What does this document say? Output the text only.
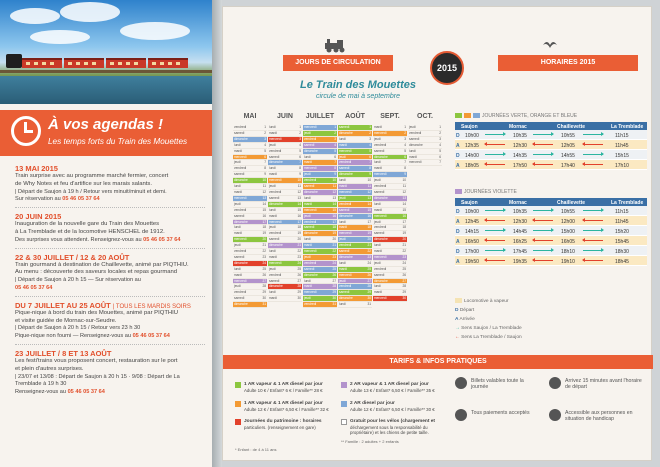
À vos agendas !
Les temps forts du Train des Mouettes
13 MAI 2015
Train surprise avec au programme marché fermier, concert
de Why Notes et feu d'artifice sur les marais salants.
| Départ de Saujon à 19 h / Retour vers minuit/minuit et demi.
Sur réservation au 05 46 05 37 64
20 JUIN 2015
Inauguration de la nouvelle gare du Train des Mouettes
à La Tremblade et de la locomotive HENSCHEL de 1912.
Des surprises vous attendent. Renseignez-vous au 05 46 05 37 64
22 & 30 JUILLET / 12 & 20 AOÛT
Train gourmand à destination de Chaillevette, animé par PIQTHIU.
Au menu : découverte des saveurs locales et repas gourmand
| Départ de Saujon à 20 h 15 — Sur réservation au
05 46 05 37 64
DU 7 JUILLET AU 25 AOÛT | TOUS LES MARDIS SOIRS
Pique-nique à bord du train des Mouettes, animé par PIQTHIU
et visite guidée de Mornac-sur-Seudre.
| Départ de Saujon à 20 h 15 / Retour vers 23 h 30
Pique-nique non fourni — Renseignez-vous au 05 46 05 37 64
23 JUILLET / 8 ET 13 AOÛT
Les festi'trains vous proposent concert, restauration sur le port
et plein d'autres surprises.
| 23/07 et 13/08 : Départ de Saujon à 20 h 15 · 9/08 : Départ de La Tremblade à 19 h 30
Renseignez-vous au 05 46 05 37 64
JOURS DE CIRCULATION
2015
HORAIRES 2015
Le Train des Mouettes
circule de mai à septembre
MAI
vendredi	1
samedi	2
dimanche	3
lundi	4
mardi	5
mercredi	6
jeudi	7
vendredi	8
samedi	9
dimanche	10
lundi	11
mardi	12
mercredi	13
jeudi	14
vendredi	15
samedi	16
dimanche	17
lundi	18
mardi	19
mercredi	20
jeudi	21
vendredi	22
samedi	23
dimanche	24
lundi	25
mardi	26
mercredi	27
jeudi	28
vendredi	29
samedi	30
dimanche	31
JUIN
lundi	1
mardi	2
mercredi	3
jeudi	4
vendredi	5
samedi	6
dimanche	7
lundi	8
mardi	9
mercredi	10
jeudi	11
vendredi	12
samedi	13
dimanche	14
lundi	15
mardi	16
mercredi	17
jeudi	18
vendredi	19
samedi	20
dimanche	21
lundi	22
mardi	23
mercredi	24
jeudi	25
vendredi	26
samedi	27
dimanche	28
lundi	29
mardi	30
JUILLET
mercredi	1
jeudi	2
vendredi	3
samedi	4
dimanche	5
lundi	6
mardi	7
mercredi	8
jeudi	9
vendredi	10
samedi	11
dimanche	12
lundi	13
mardi	14
mercredi	15
jeudi	16
vendredi	17
samedi	18
dimanche	19
lundi	20
mardi	21
mercredi	22
jeudi	23
vendredi	24
samedi	25
dimanche	26
lundi	27
mardi	28
mercredi	29
jeudi	30
vendredi	31
AOÛT
samedi	1
dimanche	2
lundi	3
mardi	4
mercredi	5
jeudi	6
vendredi	7
samedi	8
dimanche	9
lundi	10
mardi	11
mercredi	12
jeudi	13
vendredi	14
samedi	15
dimanche	16
lundi	17
mardi	18
mercredi	19
jeudi	20
vendredi	21
samedi	22
dimanche	23
lundi	24
mardi	25
mercredi	26
jeudi	27
vendredi	28
samedi	29
dimanche	30
lundi	31
SEPT.
mardi	1
mercredi	2
jeudi	3
vendredi	4
samedi	5
dimanche	6
lundi	7
mardi	8
mercredi	9
jeudi	10
vendredi	11
samedi	12
dimanche	13
lundi	14
mardi	15
mercredi	16
jeudi	17
vendredi	18
samedi	19
dimanche	20
lundi	21
mardi	22
mercredi	23
jeudi	24
vendredi	25
samedi	26
dimanche	27
lundi	28
mardi	29
mercredi	30
OCT.
jeudi	1
vendredi	2
samedi	3
dimanche	4
lundi	5
mardi	6
mercredi	7
JOURNÉES VERTE, ORANGE ET BLEUE
Saujon	Mornac	Chaillevette	La Tremblade
D 10h00	10h35	10h55	11h15
A 12h35	12h30	12h05	11h45
D 14h00	14h35	14h55	15h15
A 18h05	17h50	17h40	17h10
JOURNÉES VIOLETTE
Saujon	Mornac	Chaillevette	La Tremblade
D 10h00	10h35	10h55	11h15
A 12h45	12h30	12h00	11h45
D 14h15	14h45	15h00	15h20
A 16h50	16h25	16h05	15h45
D 17h00	17h45	18h10	18h30
A 19h50	19h35	19h10	18h45
Locomotive à vapeur
D Départ
A Arrivée
→ Sens Saujon / La Tremblade
← Sens La Tremblade / Saujon
TARIFS & INFOS PRATIQUES
1 AR vapeur & 1 AR diesel par jour
Adulte 10 € / Enfant* 6 € / Famille** 28 €
1 AR vapeur & 1 AR diesel par jour
Adulte 12 € / Enfant* 6,50 € / Famille** 32 €
Journées du patrimoine : horaires
particuliers. (renseignement en gare)
2 AR vapeur & 1 AR diesel par jour
Adulte 13 € / Enfant* 6,50 € / Famille** 35 €
2 AR diesel par jour
Adulte 12 € / Enfant* 6,50 € / Famille** 30 €
Gratuit pour les vélos (chargement et
déchargement sous la responsabilité du propriétaire) et les chiens de petite taille.
* Enfant : de 4 à 11 ans
** Famille : 2 adultes + 2 enfants
Billets valables toute la journée
Arrivez 15 minutes avant l'horaire de départ
Tous paiements acceptés	Accessible aux personnes en situation de handicap
